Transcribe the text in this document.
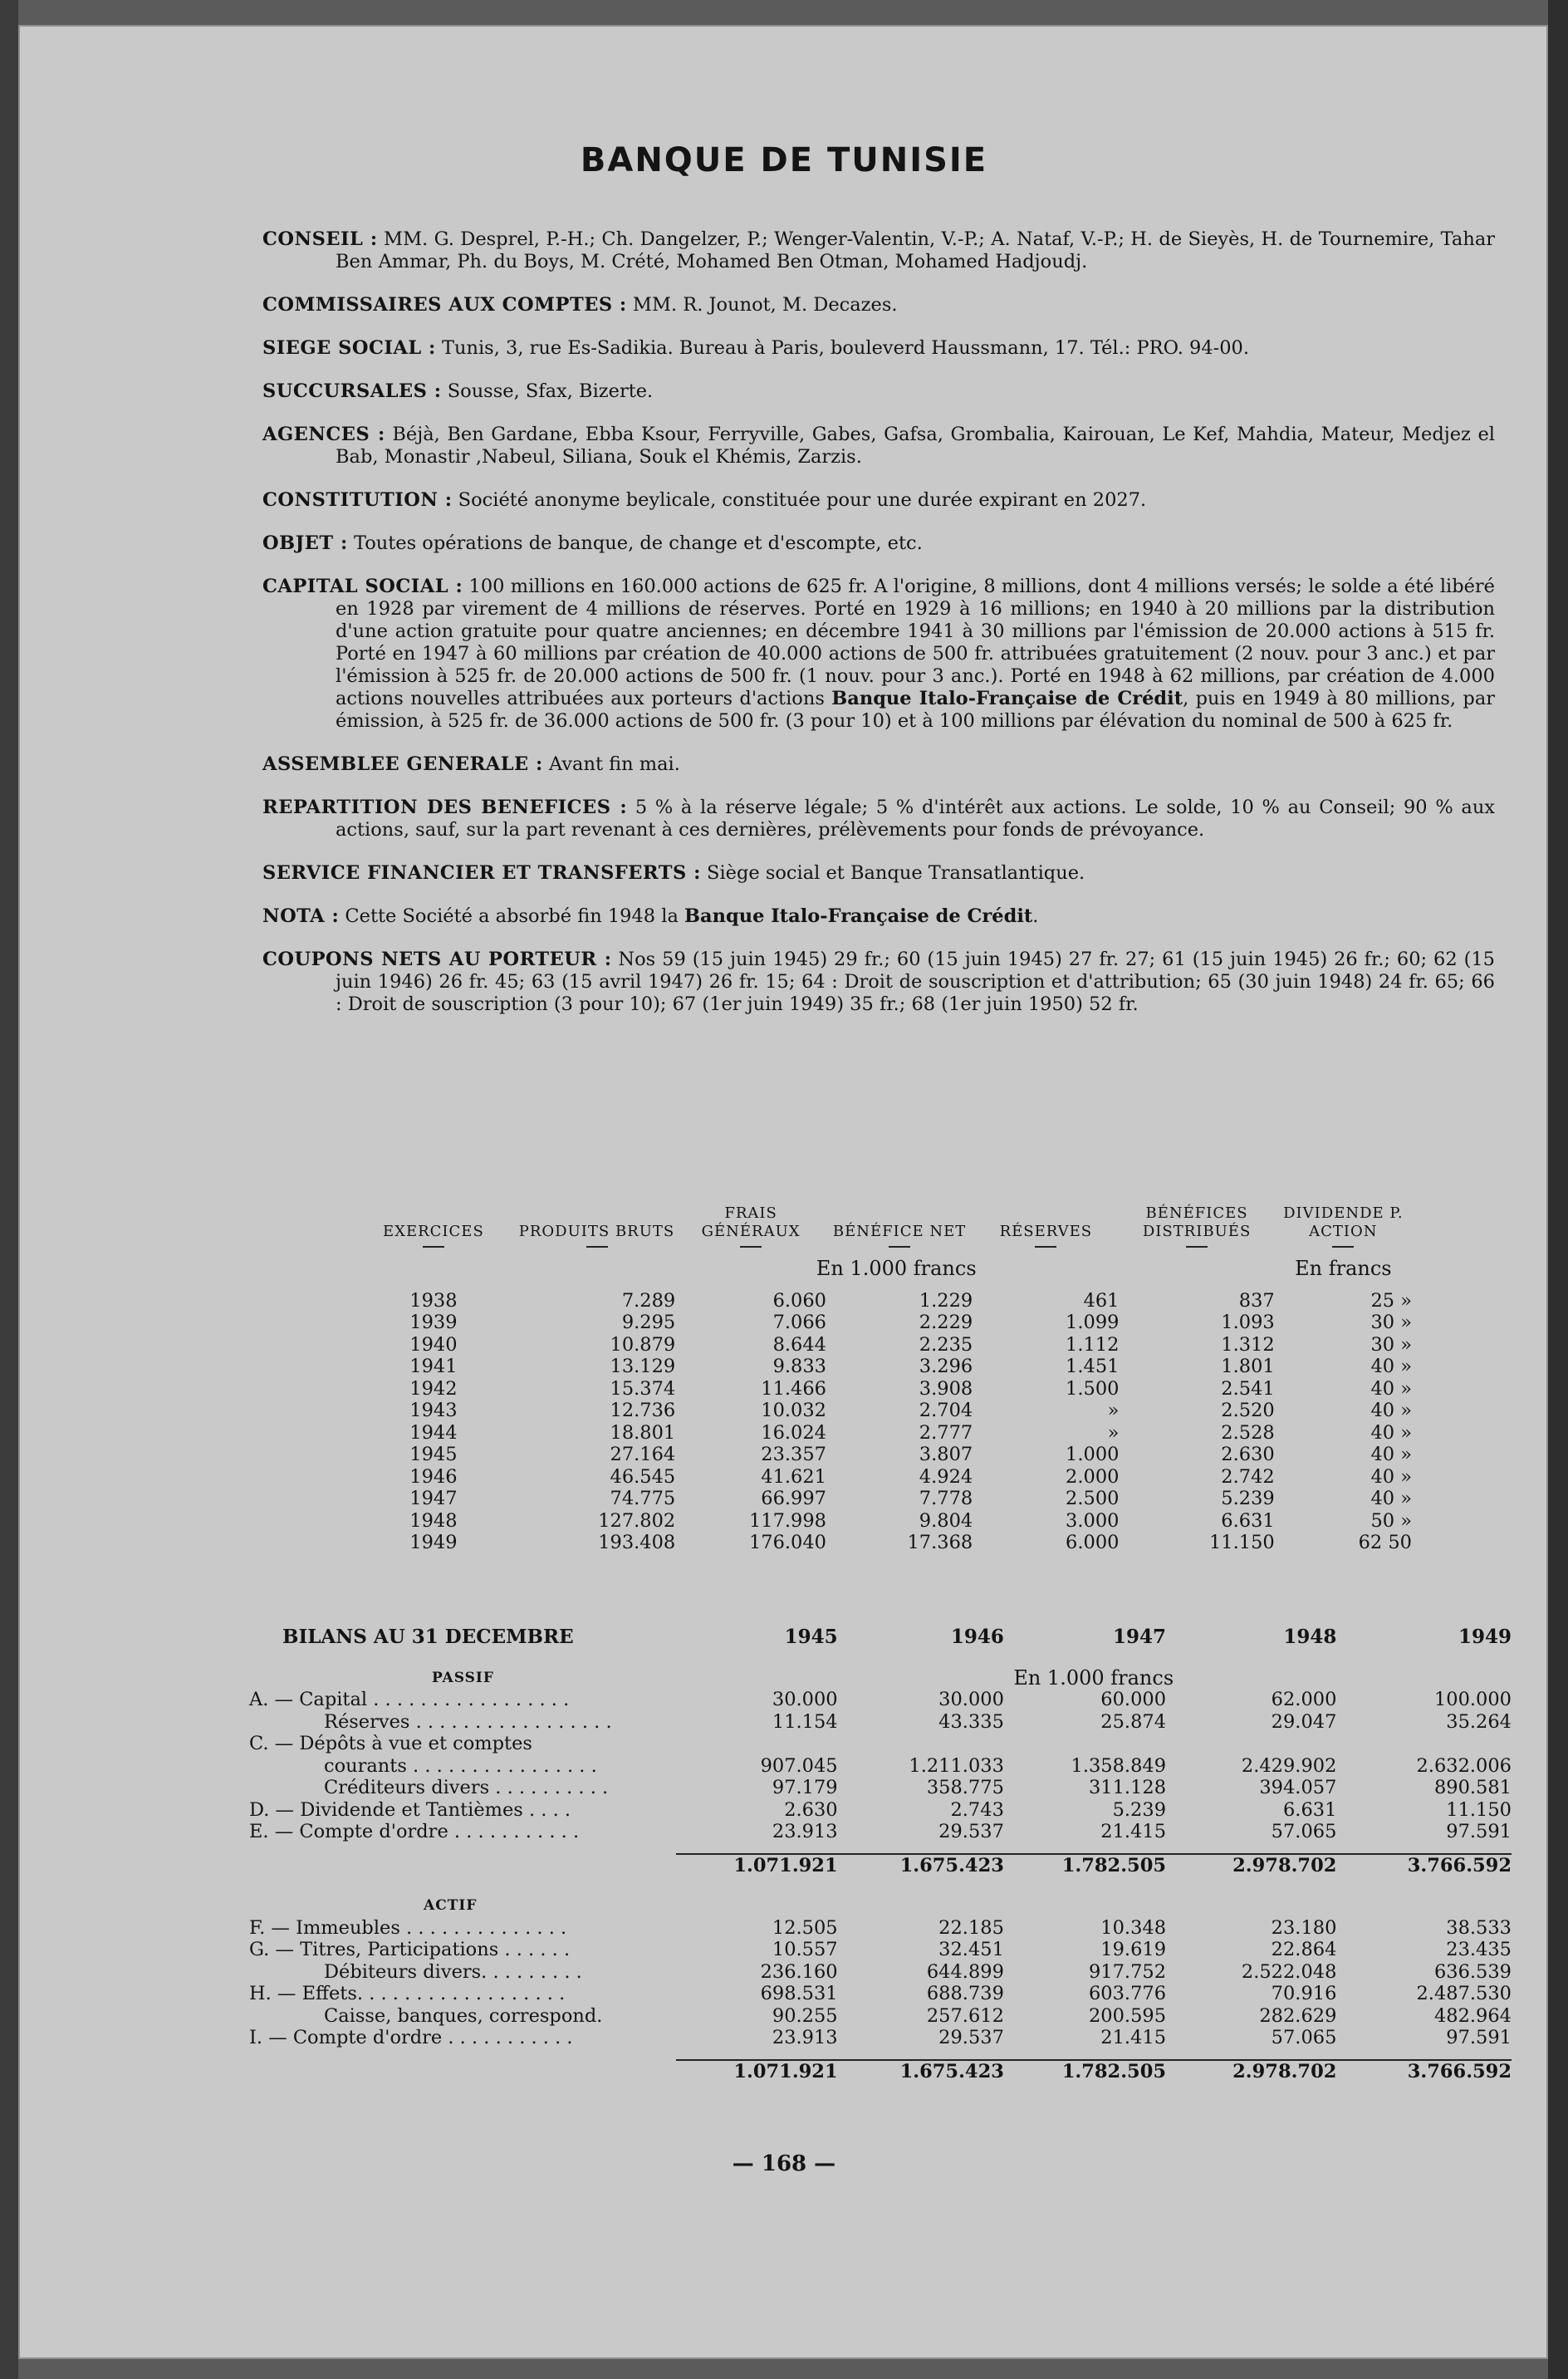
BANQUE DE TUNISIE

CONSEIL : MM. G. Desprel, P.-H.; Ch. Dangelzer, P.; Wenger-Valentin, V.-P.; A. Nataf, V.-P.; H. de Sieyès, H. de Tournemire, Tahar Ben Ammar, Ph. du Boys, M. Crété, Mohamed Ben Otman, Mohamed Hadjoudj.

COMMISSAIRES AUX COMPTES : MM. R. Jounot, M. Decazes.

SIEGE SOCIAL : Tunis, 3, rue Es-Sadikia. Bureau à Paris, bouleverd Haussmann, 17. Tél.: PRO. 94-00.

SUCCURSALES : Sousse, Sfax, Bizerte.

AGENCES : Béjà, Ben Gardane, Ebba Ksour, Ferryville, Gabes, Gafsa, Grombalia, Kairouan, Le Kef, Mahdia, Mateur, Medjez el Bab, Monastir ,Nabeul, Siliana, Souk el Khémis, Zarzis.

CONSTITUTION : Société anonyme beylicale, constituée pour une durée expirant en 2027.

OBJET : Toutes opérations de banque, de change et d'escompte, etc.

CAPITAL SOCIAL : 100 millions en 160.000 actions de 625 fr. A l'origine, 8 millions, dont 4 millions versés; le solde a été libéré en 1928 par virement de 4 millions de réserves. Porté en 1929 à 16 millions; en 1940 à 20 millions par la distribution d'une action gratuite pour quatre anciennes; en décembre 1941 à 30 millions par l'émission de 20.000 actions à 515 fr. Porté en 1947 à 60 millions par création de 40.000 actions de 500 fr. attribuées gratuitement (2 nouv. pour 3 anc.) et par l'émission à 525 fr. de 20.000 actions de 500 fr. (1 nouv. pour 3 anc.). Porté en 1948 à 62 millions, par création de 4.000 actions nouvelles attribuées aux porteurs d'actions Banque Italo-Française de Crédit, puis en 1949 à 80 millions, par émission, à 525 fr. de 36.000 actions de 500 fr. (3 pour 10) et à 100 millions par élévation du nominal de 500 à 625 fr.

ASSEMBLEE GENERALE : Avant fin mai.

REPARTITION DES BENEFICES : 5 % à la réserve légale; 5 % d'intérêt aux actions. Le solde, 10 % au Conseil; 90 % aux actions, sauf, sur la part revenant à ces dernières, prélèvements pour fonds de prévoyance.

SERVICE FINANCIER ET TRANSFERTS : Siège social et Banque Transatlantique.

NOTA : Cette Société a absorbé fin 1948 la Banque Italo-Française de Crédit.

COUPONS NETS AU PORTEUR : Nos 59 (15 juin 1945) 29 fr.; 60 (15 juin 1945) 27 fr. 27; 61 (15 juin 1945) 26 fr.; 60; 62 (15 juin 1946) 26 fr. 45; 63 (15 avril 1947) 26 fr. 15; 64 : Droit de souscription et d'attribution; 65 (30 juin 1948) 24 fr. 65; 66 : Droit de souscription (3 pour 10); 67 (1er juin 1949) 35 fr.; 68 (1er juin 1950) 52 fr.

EXERCICES	PRODUITS BRUTS	FRAIS GÉNÉRAUX	BÉNÉFICE NET	RÉSERVES	BÉNÉFICES DISTRIBUÉS	DIVIDENDE P. ACTION

	En 1.000 francs					En francs
1938	7.289	6.060	1.229	461	837	25 »
1939	9.295	7.066	2.229	1.099	1.093	30 »
1940	10.879	8.644	2.235	1.112	1.312	30 »
1941	13.129	9.833	3.296	1.451	1.801	40 »
1942	15.374	11.466	3.908	1.500	2.541	40 »
1943	12.736	10.032	2.704	»	2.520	40 »
1944	18.801	16.024	2.777	»	2.528	40 »
1945	27.164	23.357	3.807	1.000	2.630	40 »
1946	46.545	41.621	4.924	2.000	2.742	40 »
1947	74.775	66.997	7.778	2.500	5.239	40 »
1948	127.802	117.998	9.804	3.000	6.631	50 »
1949	193.408	176.040	17.368	6.000	11.150	62 50
BILANS AU 31 DECEMBRE	1945	1946	1947	1948	1949
PASSIF	En 1.000 francs				
A. — Capital . . . . . . . . . . . . . . . . .	30.000	30.000	60.000	62.000	100.000
Réserves . . . . . . . . . . . . . . . . .	11.154	43.335	25.874	29.047	35.264
C. — Dépôts à vue et comptes					
courants . . . . . . . . . . . . . . . .	907.045	1.211.033	1.358.849	2.429.902	2.632.006
Créditeurs divers . . . . . . . . . .	97.179	358.775	311.128	394.057	890.581
D. — Dividende et Tantièmes . . . .	2.630	2.743	5.239	6.631	11.150
E. — Compte d'ordre . . . . . . . . . . .	23.913	29.537	21.415	57.065	97.591

1.071.921	1.675.423	1.782.505	2.978.702	3.766.592
ACTIF					
F. — Immeubles . . . . . . . . . . . . . .	12.505	22.185	10.348	23.180	38.533
G. — Titres, Participations . . . . . .	10.557	32.451	19.619	22.864	23.435
Débiteurs divers. . . . . . . . .	236.160	644.899	917.752	2.522.048	636.539
H. — Effets. . . . . . . . . . . . . . . . . .	698.531	688.739	603.776	70.916	2.487.530
Caisse, banques, correspond.	90.255	257.612	200.595	282.629	482.964
I. — Compte d'ordre . . . . . . . . . . .	23.913	29.537	21.415	57.065	97.591

1.071.921	1.675.423	1.782.505	2.978.702	3.766.592
— 168 —
